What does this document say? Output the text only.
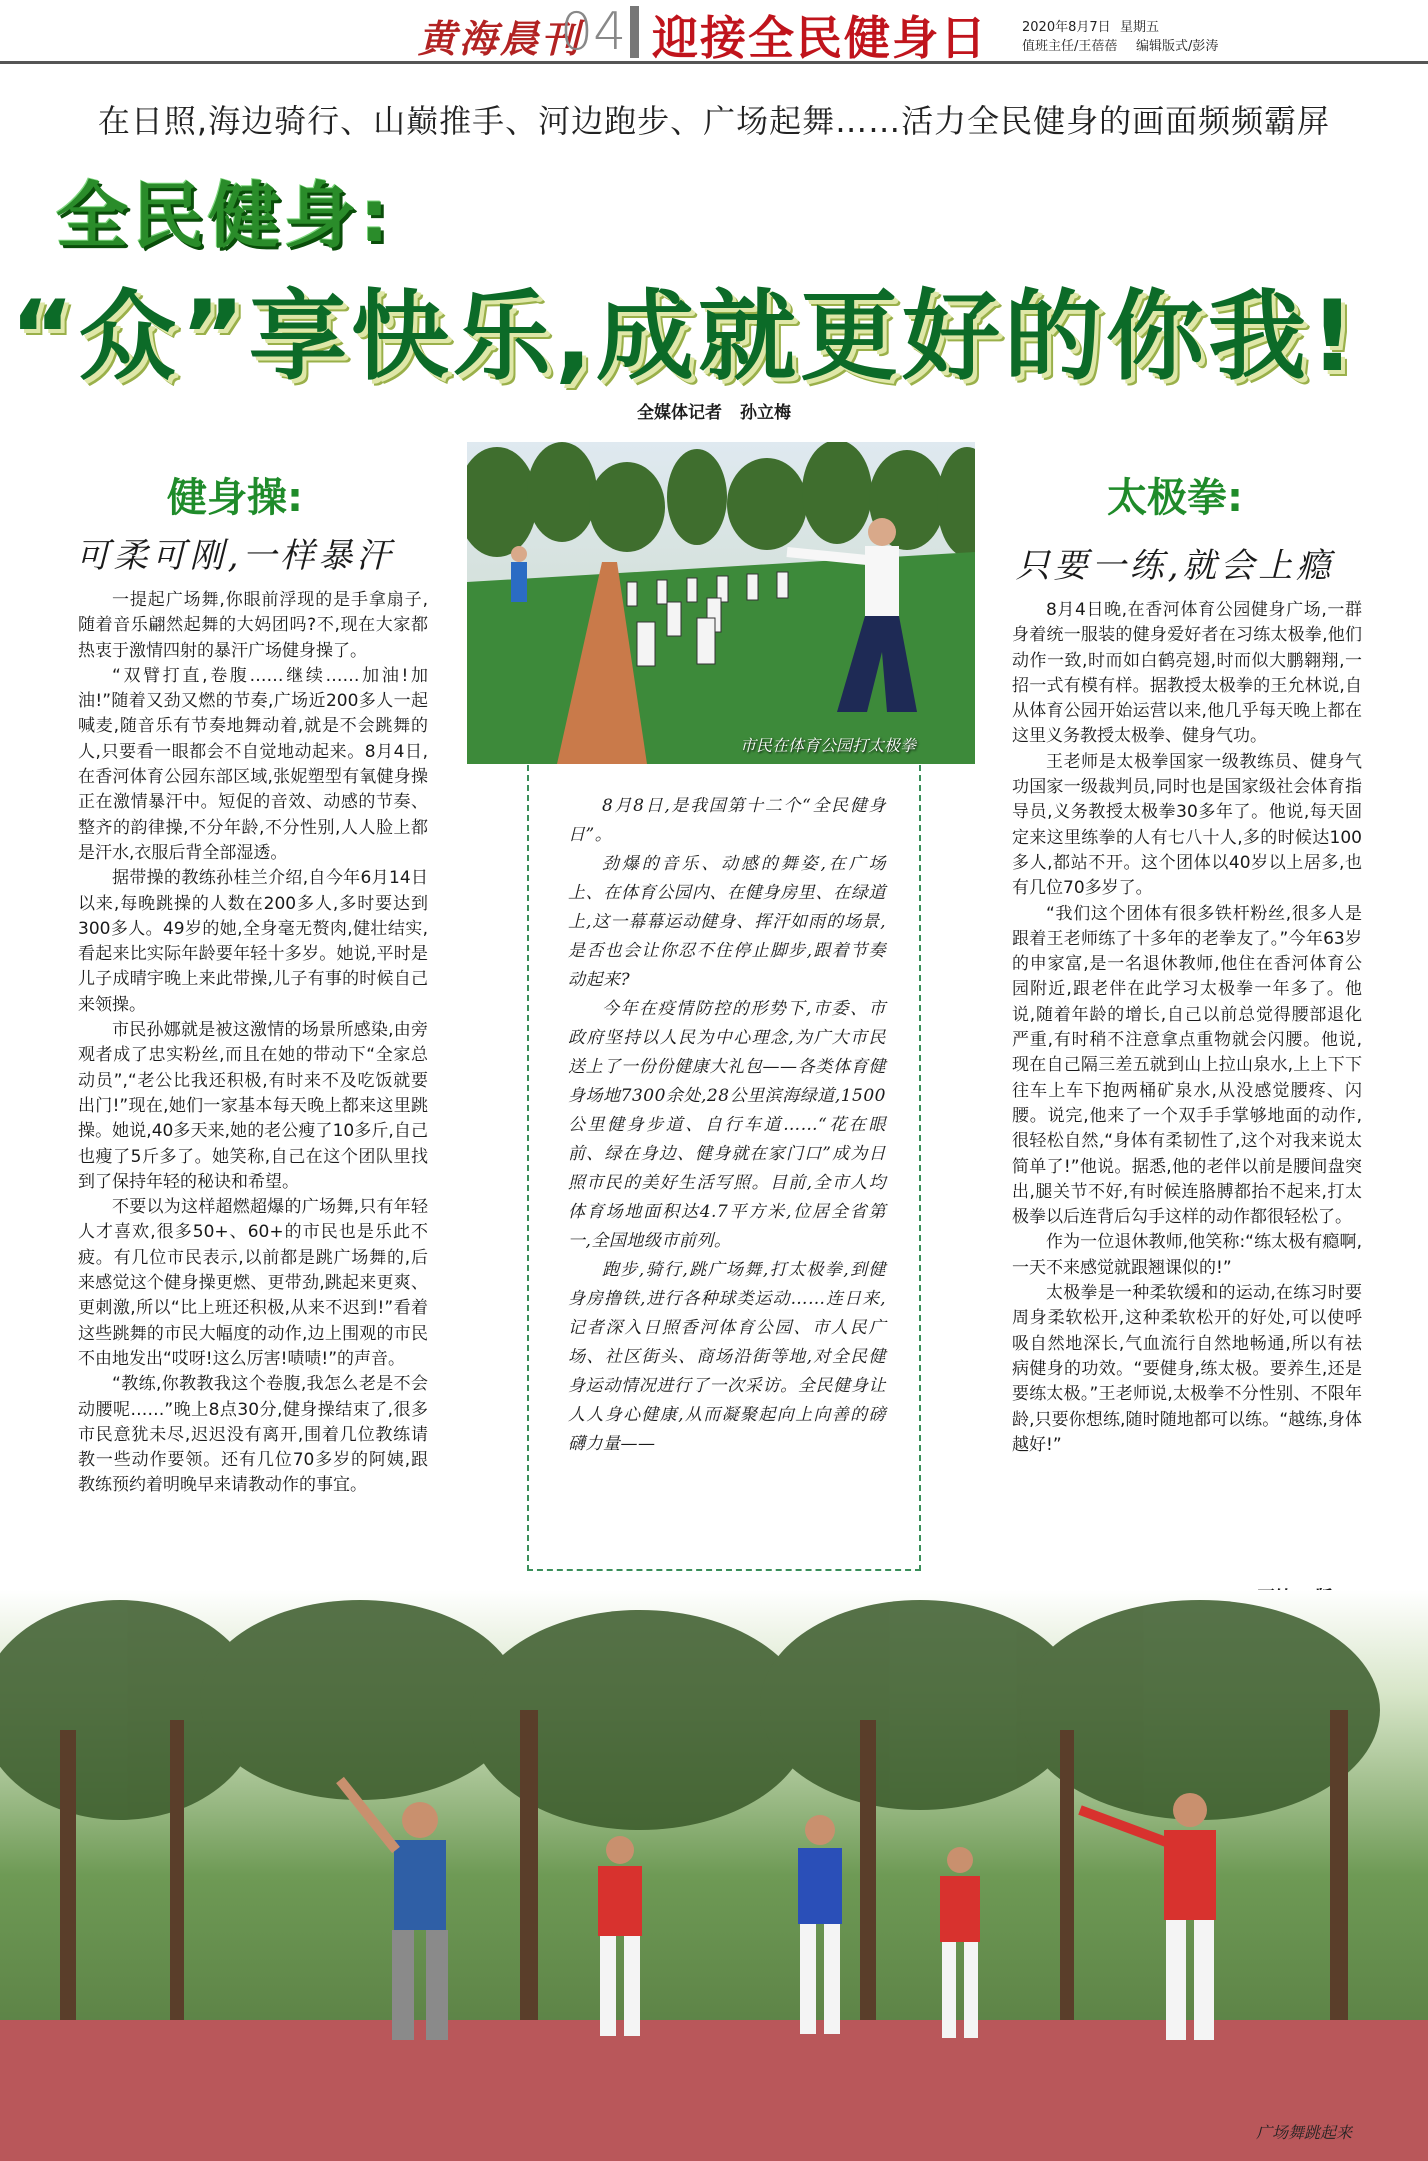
黄海晨刊
04 迎接全民健身日	2020年8月7日 星期五
值班主任/王蓓蓓 编辑版式/彭涛
在日照,海边骑行、山巅推手、河边跑步、广场起舞……活力全民健身的画面频频霸屏
全民健身:
“众”享快乐,成就更好的你我!
全媒体记者 孙立梅
健身操:
可柔可刚,一样暴汗

一提起广场舞,你眼前浮现的是手拿扇子,随着音乐翩然起舞的大妈团吗?不,现在大家都热衷于激情四射的暴汗广场健身操了。

“双臂打直,卷腹……继续……加油!加油!”随着又劲又燃的节奏,广场近200多人一起喊麦,随音乐有节奏地舞动着,就是不会跳舞的人,只要看一眼都会不自觉地动起来。8月4日,在香河体育公园东部区域,张妮塑型有氧健身操正在激情暴汗中。短促的音效、动感的节奏、整齐的韵律操,不分年龄,不分性别,人人脸上都是汗水,衣服后背全部湿透。

据带操的教练孙桂兰介绍,自今年6月14日以来,每晚跳操的人数在200多人,多时要达到300多人。49岁的她,全身毫无赘肉,健壮结实,看起来比实际年龄要年轻十多岁。她说,平时是儿子成晴宇晚上来此带操,儿子有事的时候自己来领操。

市民孙娜就是被这激情的场景所感染,由旁观者成了忠实粉丝,而且在她的带动下“全家总动员”,“老公比我还积极,有时来不及吃饭就要出门!”现在,她们一家基本每天晚上都来这里跳操。她说,40多天来,她的老公瘦了10多斤,自己也瘦了5斤多了。她笑称,自己在这个团队里找到了保持年轻的秘诀和希望。

不要以为这样超燃超爆的广场舞,只有年轻人才喜欢,很多50+、60+的市民也是乐此不疲。有几位市民表示,以前都是跳广场舞的,后来感觉这个健身操更燃、更带劲,跳起来更爽、更刺激,所以“比上班还积极,从来不迟到!”看着这些跳舞的市民大幅度的动作,边上围观的市民不由地发出“哎呀!这么厉害!啧啧!”的声音。

“教练,你教教我这个卷腹,我怎么老是不会动腰呢……”晚上8点30分,健身操结束了,很多市民意犹未尽,迟迟没有离开,围着几位教练请教一些动作要领。还有几位70多岁的阿姨,跟教练预约着明晚早来请教动作的事宜。

市民在体育公园打太极拳

8月8日,是我国第十二个“全民健身日”。

劲爆的音乐、动感的舞姿,在广场上、在体育公园内、在健身房里、在绿道上,这一幕幕运动健身、挥汗如雨的场景,是否也会让你忍不住停止脚步,跟着节奏动起来?

今年在疫情防控的形势下,市委、市政府坚持以人民为中心理念,为广大市民送上了一份份健康大礼包——各类体育健身场地7300余处,28公里滨海绿道,1500公里健身步道、自行车道……“花在眼前、绿在身边、健身就在家门口”成为日照市民的美好生活写照。目前,全市人均体育场地面积达4.7平方米,位居全省第一,全国地级市前列。

跑步,骑行,跳广场舞,打太极拳,到健身房撸铁,进行各种球类运动……连日来,记者深入日照香河体育公园、市人民广场、社区街头、商场沿街等地,对全民健身运动情况进行了一次采访。全民健身让人人身心健康,从而凝聚起向上向善的磅礴力量——

太极拳:
只要一练,就会上瘾

8月4日晚,在香河体育公园健身广场,一群身着统一服装的健身爱好者在习练太极拳,他们动作一致,时而如白鹤亮翅,时而似大鹏翱翔,一招一式有模有样。据教授太极拳的王允林说,自从体育公园开始运营以来,他几乎每天晚上都在这里义务教授太极拳、健身气功。

王老师是太极拳国家一级教练员、健身气功国家一级裁判员,同时也是国家级社会体育指导员,义务教授太极拳30多年了。他说,每天固定来这里练拳的人有七八十人,多的时候达100多人,都站不开。这个团体以40岁以上居多,也有几位70多岁了。

“我们这个团体有很多铁杆粉丝,很多人是跟着王老师练了十多年的老拳友了。”今年63岁的申家富,是一名退休教师,他住在香河体育公园附近,跟老伴在此学习太极拳一年多了。他说,随着年龄的增长,自己以前总觉得腰部退化严重,有时稍不注意拿点重物就会闪腰。他说,现在自己隔三差五就到山上拉山泉水,上上下下往车上车下抱两桶矿泉水,从没感觉腰疼、闪腰。说完,他来了一个双手手掌够地面的动作,很轻松自然,“身体有柔韧性了,这个对我来说太简单了!”他说。据悉,他的老伴以前是腰间盘突出,腿关节不好,有时候连胳膊都抬不起来,打太极拳以后连背后勾手这样的动作都很轻松了。

作为一位退休教师,他笑称:“练太极有瘾啊,一天不来感觉就跟翘课似的!”

太极拳是一种柔软缓和的运动,在练习时要周身柔软松开,这种柔软松开的好处,可以使呼吸自然地深长,气血流行自然地畅通,所以有祛病健身的功效。“要健身,练太极。要养生,还是要练太极。”王老师说,太极拳不分性别、不限年龄,只要你想练,随时随地都可以练。“越练,身体越好!”

广场舞跳起来
